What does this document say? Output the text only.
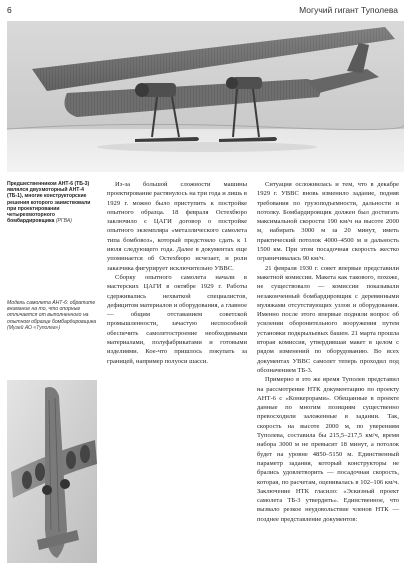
6	Могучий гигант Туполева
Предшественником АНТ-6 (ТБ-3) являлся двухмоторный АНТ-4 (ТБ-1), многие конструкторские решения которого заимствовали при проектировании четырехмоторного бомбардировщика (РГВА)
Модель самолета АНТ-6: обратите внимание на то, что опорные отличается от выполненного на опытном образце бомбардировщика (Музей АО «Туполев»)

Из-за большой сложности машины проектирование растянулось на три года и лишь в 1929 г. можно было приступить к постройке опытного образца. 18 февраля Остехбюро заключило с ЦАГИ договор о постройке опытного экземпляра «металлического самолета типа бомбовоз», который предстояло сдать к 1 июля следующего года. Далее в документах еще упоминается об Остехбюро исчезает, и роли заказчика фигурирует исключительно УВВС.

Сборку опытного самолета начали в мастерских ЦАГИ в октябре 1929 г. Работы сдерживались нехваткой специалистов, дефицитом материалов и оборудования, а главное — общим отставанием советской промышленности, зачастую неспособной обеспечить самолетостроение необходимыми материалами, полуфабрикатами и готовыми изделиями. Кое-что пришлось покупать за границей, например полуоси шасси.

Ситуация осложнилась и тем, что в декабре 1929 г. УВВС вновь изменило задание, подняв требования по грузоподъемности, дальности и потолку. Бомбардировщик должен был достигать максимальной скорости 190 км/ч на высоте 2000 м, набирать 3000 м за 20 минут, иметь практический потолок 4000–4500 м и дальность 1500 км. При этом посадочная скорость жестко ограничивалась 90 км/ч.

21 февраля 1930 г. совет впервые представили макетной комиссии. Макета как такового, похоже, не существовало — комиссии показывали незаконченный бомбардировщик с деревянными муляжами отсутствующих узлов и оборудования. Именно после этого впервые подняли вопрос об усилении оборонительного вооружения путем установки подкрыльевых башен. 21 марта прошла вторая комиссия, утвердившая макет в целом с рядом изменений по оборудованию. Во всех документах УВВС самолет теперь проходил под обозначением ТБ-3.

Примерно в это же время Туполев представил на рассмотрение НТК документацию по проекту АНТ-6 с «Конкерорами». Обещанные в проекте данные по многим позициям существенно превосходили заложенные в задании. Так, скорость на высоте 2000 м, по уверениям Туполева, составила бы 215,5–217,5 км/ч, время набора 3000 м не превысит 18 минут, а потолок будет на уровне 4850–5150 м. Единственный параметр задания, который конструкторы не брались удовлетворить — посадочная скорость, которая, по расчетам, оценивалась в 102–106 км/ч. Заключение НТК гласило: «Эскизный проект самолета ТБ-3 утвердить». Единственное, что вызвало резкое неудовольствие членов НТК — позднее представление документов:
